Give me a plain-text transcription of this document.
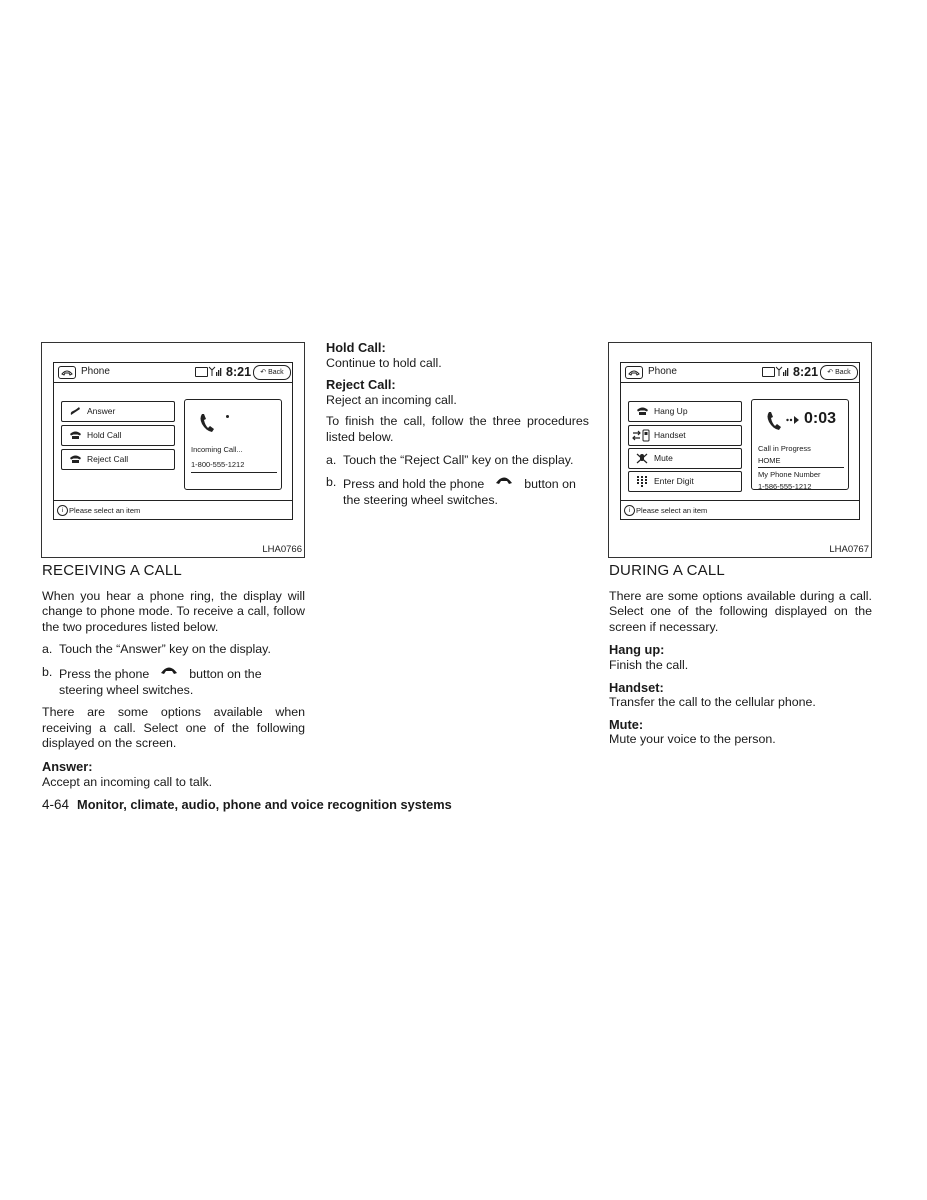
Phone	8:21	↶ Back
Answer
Hold Call
Reject Call
Incoming Call...
1-800-555-1212
i Please select an item
LHA0766
Phone	8:21	↶ Back
Hang Up
Handset
Mute
Enter Digit
0:03
Call in Progress
HOME
My Phone Number
1-586-555-1212
i Please select an item
LHA0767
RECEIVING A CALL

When you hear a phone ring, the display will change to phone mode. To receive a call, follow the two procedures listed below.

a. Touch the “Answer” key on the display.

b. Press the phone	button on the steering wheel switches.

There are some options available when receiving a call. Select one of the following displayed on the screen.

Answer:
Accept an incoming call to talk.
Hold Call:
Continue to hold call.
Reject Call:
Reject an incoming call.

To finish the call, follow the three procedures listed below.

a. Touch the “Reject Call” key on the display.

b. Press and hold the phone	button on the steering wheel switches.

DURING A CALL

There are some options available during a call. Select one of the following displayed on the screen if necessary.

Hang up:
Finish the call.
Handset:
Transfer the call to the cellular phone.
Mute:
Mute your voice to the person.
4-64 Monitor, climate, audio, phone and voice recognition systems
